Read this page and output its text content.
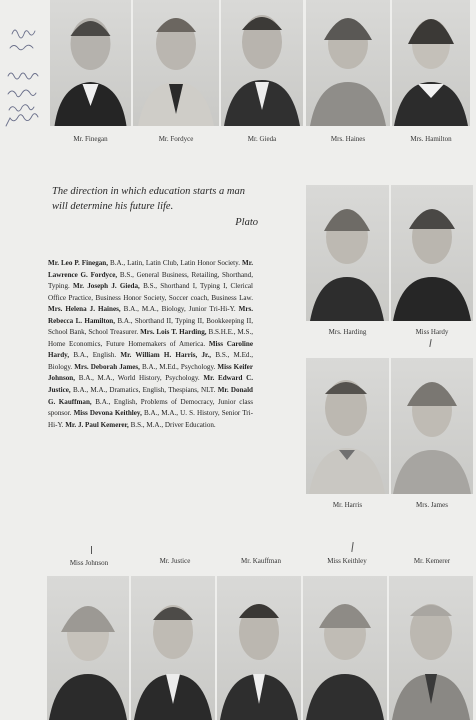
Mr. Finegan	Mr. Fordyce	Mr. Gieda	Mrs. Haines	Mrs. Hamilton
The direction in which education starts a man
will determine his future life.
Plato
Mr. Leo P. Finegan, B.A., Latin, Latin Club, Latin Honor Society. Mr. Lawrence G. Fordyce, B.S., General Business, Retailing, Shorthand, Typing. Mr. Joseph J. Gieda, B.S., Shorthand I, Typing I, Clerical Office Practice, Business Honor Society, Soccer coach, Business Law. Mrs. Helena J. Haines, B.A., M.A., Biology, Junior Tri-Hi-Y. Mrs. Rebecca L. Hamilton, B.A., Shorthand II, Typing II, Bookkeeping II, School Bank, School Treasurer. Mrs. Lois T. Harding, B.S.H.E., M.S., Home Economics, Future Homemakers of America. Miss Caroline Hardy, B.A., English. Mr. William H. Harris, Jr., B.S., M.Ed., Biology. Mrs. Deborah James, B.A., M.Ed., Psychology. Miss Keifer Johnson, B.A., M.A., World History, Psychology. Mr. Edward C. Justice, B.A., M.A., Dramatics, English, Thespians, NLT. Mr. Donald G. Kauffman, B.A., English, Problems of Democracy, Junior class sponsor. Miss Devona Keithley, B.A., M.A., U. S. History, Senior Tri-Hi-Y. Mr. J. Paul Kemerer, B.S., M.A., Driver Education.
Mrs. Harding	Miss Hardy
Mr. Harris	Mrs. James
Miss Johnson	Mr. Justice	Mr. Kauffman	Miss Keithley	Mr. Kemerer
